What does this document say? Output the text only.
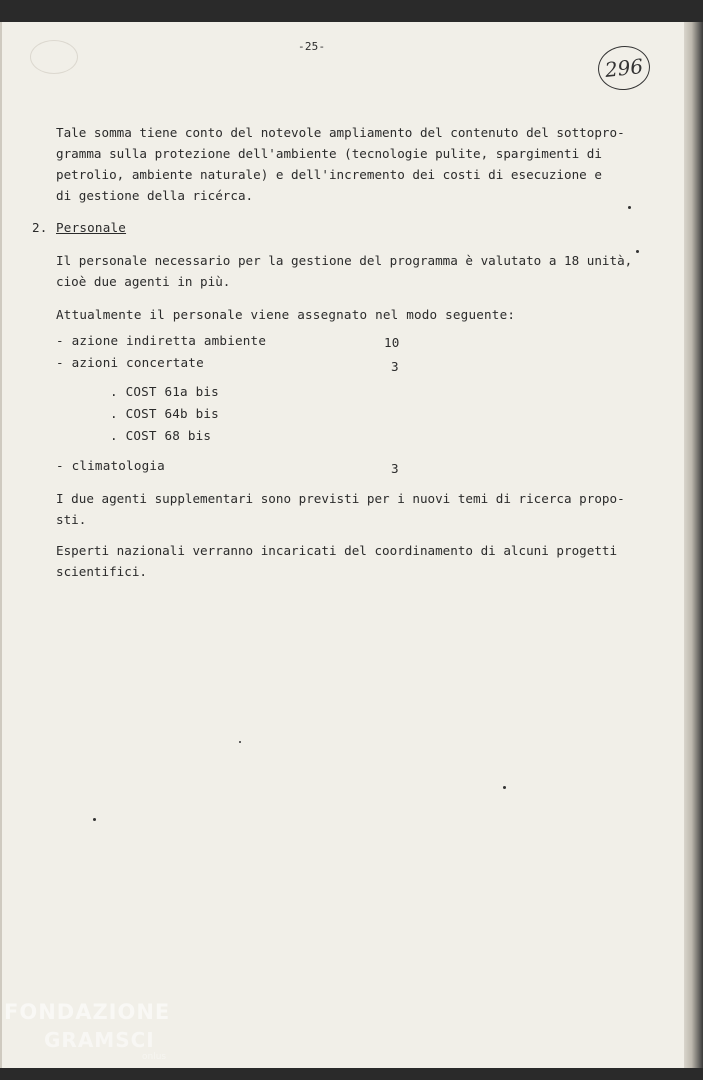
296
-25-
Tale somma tiene conto del notevole ampliamento del contenuto del sottopro-
gramma sulla protezione dell'ambiente (tecnologie pulite, spargimenti di
petrolio, ambiente naturale) e dell'incremento dei costi di esecuzione e
di gestione della ricérca.
2. Personale
Il personale necessario per la gestione del programma è valutato a 18 unità,
cioè due agenti in più.
Attualmente il personale viene assegnato nel modo seguente:
- azione indiretta ambiente	10
- azioni concertate	3
. COST 61a bis
. COST 64b bis
. COST 68 bis
- climatologia	3
I due agenti supplementari sono previsti per i nuovi temi di ricerca propo-
sti.
Esperti nazionali verranno incaricati del coordinamento di alcuni progetti
scientifici.
FONDAZIONE
GRAMSCI
onlus
